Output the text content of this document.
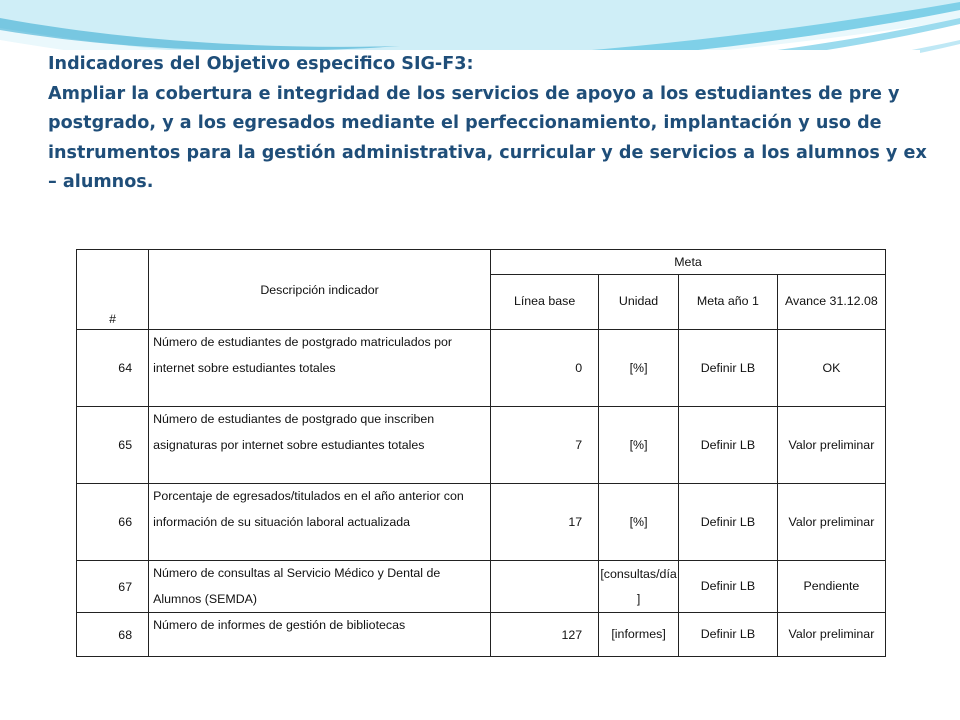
Indicadores del Objetivo especifico SIG-F3:
Ampliar la cobertura e integridad de los servicios de apoyo a los estudiantes de pre y
postgrado, y a los egresados mediante el perfeccionamiento, implantación y uso de
instrumentos para la gestión administrativa, curricular y de servicios a los alumnos y ex
– alumnos.
#	Descripción indicador	Meta			
		Línea base	Unidad	Meta año 1	Avance 31.12.08
64	Número de estudiantes de postgrado matriculados por internet sobre estudiantes totales	0	[%]	Definir LB	OK
65	Número de estudiantes de postgrado que inscriben asignaturas por internet sobre estudiantes totales	7	[%]	Definir LB	Valor preliminar
66	Porcentaje de egresados/titulados en el año anterior con información de su situación laboral actualizada	17	[%]	Definir LB	Valor preliminar
67	Número de consultas al Servicio Médico y Dental de Alumnos (SEMDA)		[consultas/día ]	Definir LB	Pendiente
68	Número de informes de gestión de bibliotecas	127	[informes]	Definir LB	Valor preliminar
